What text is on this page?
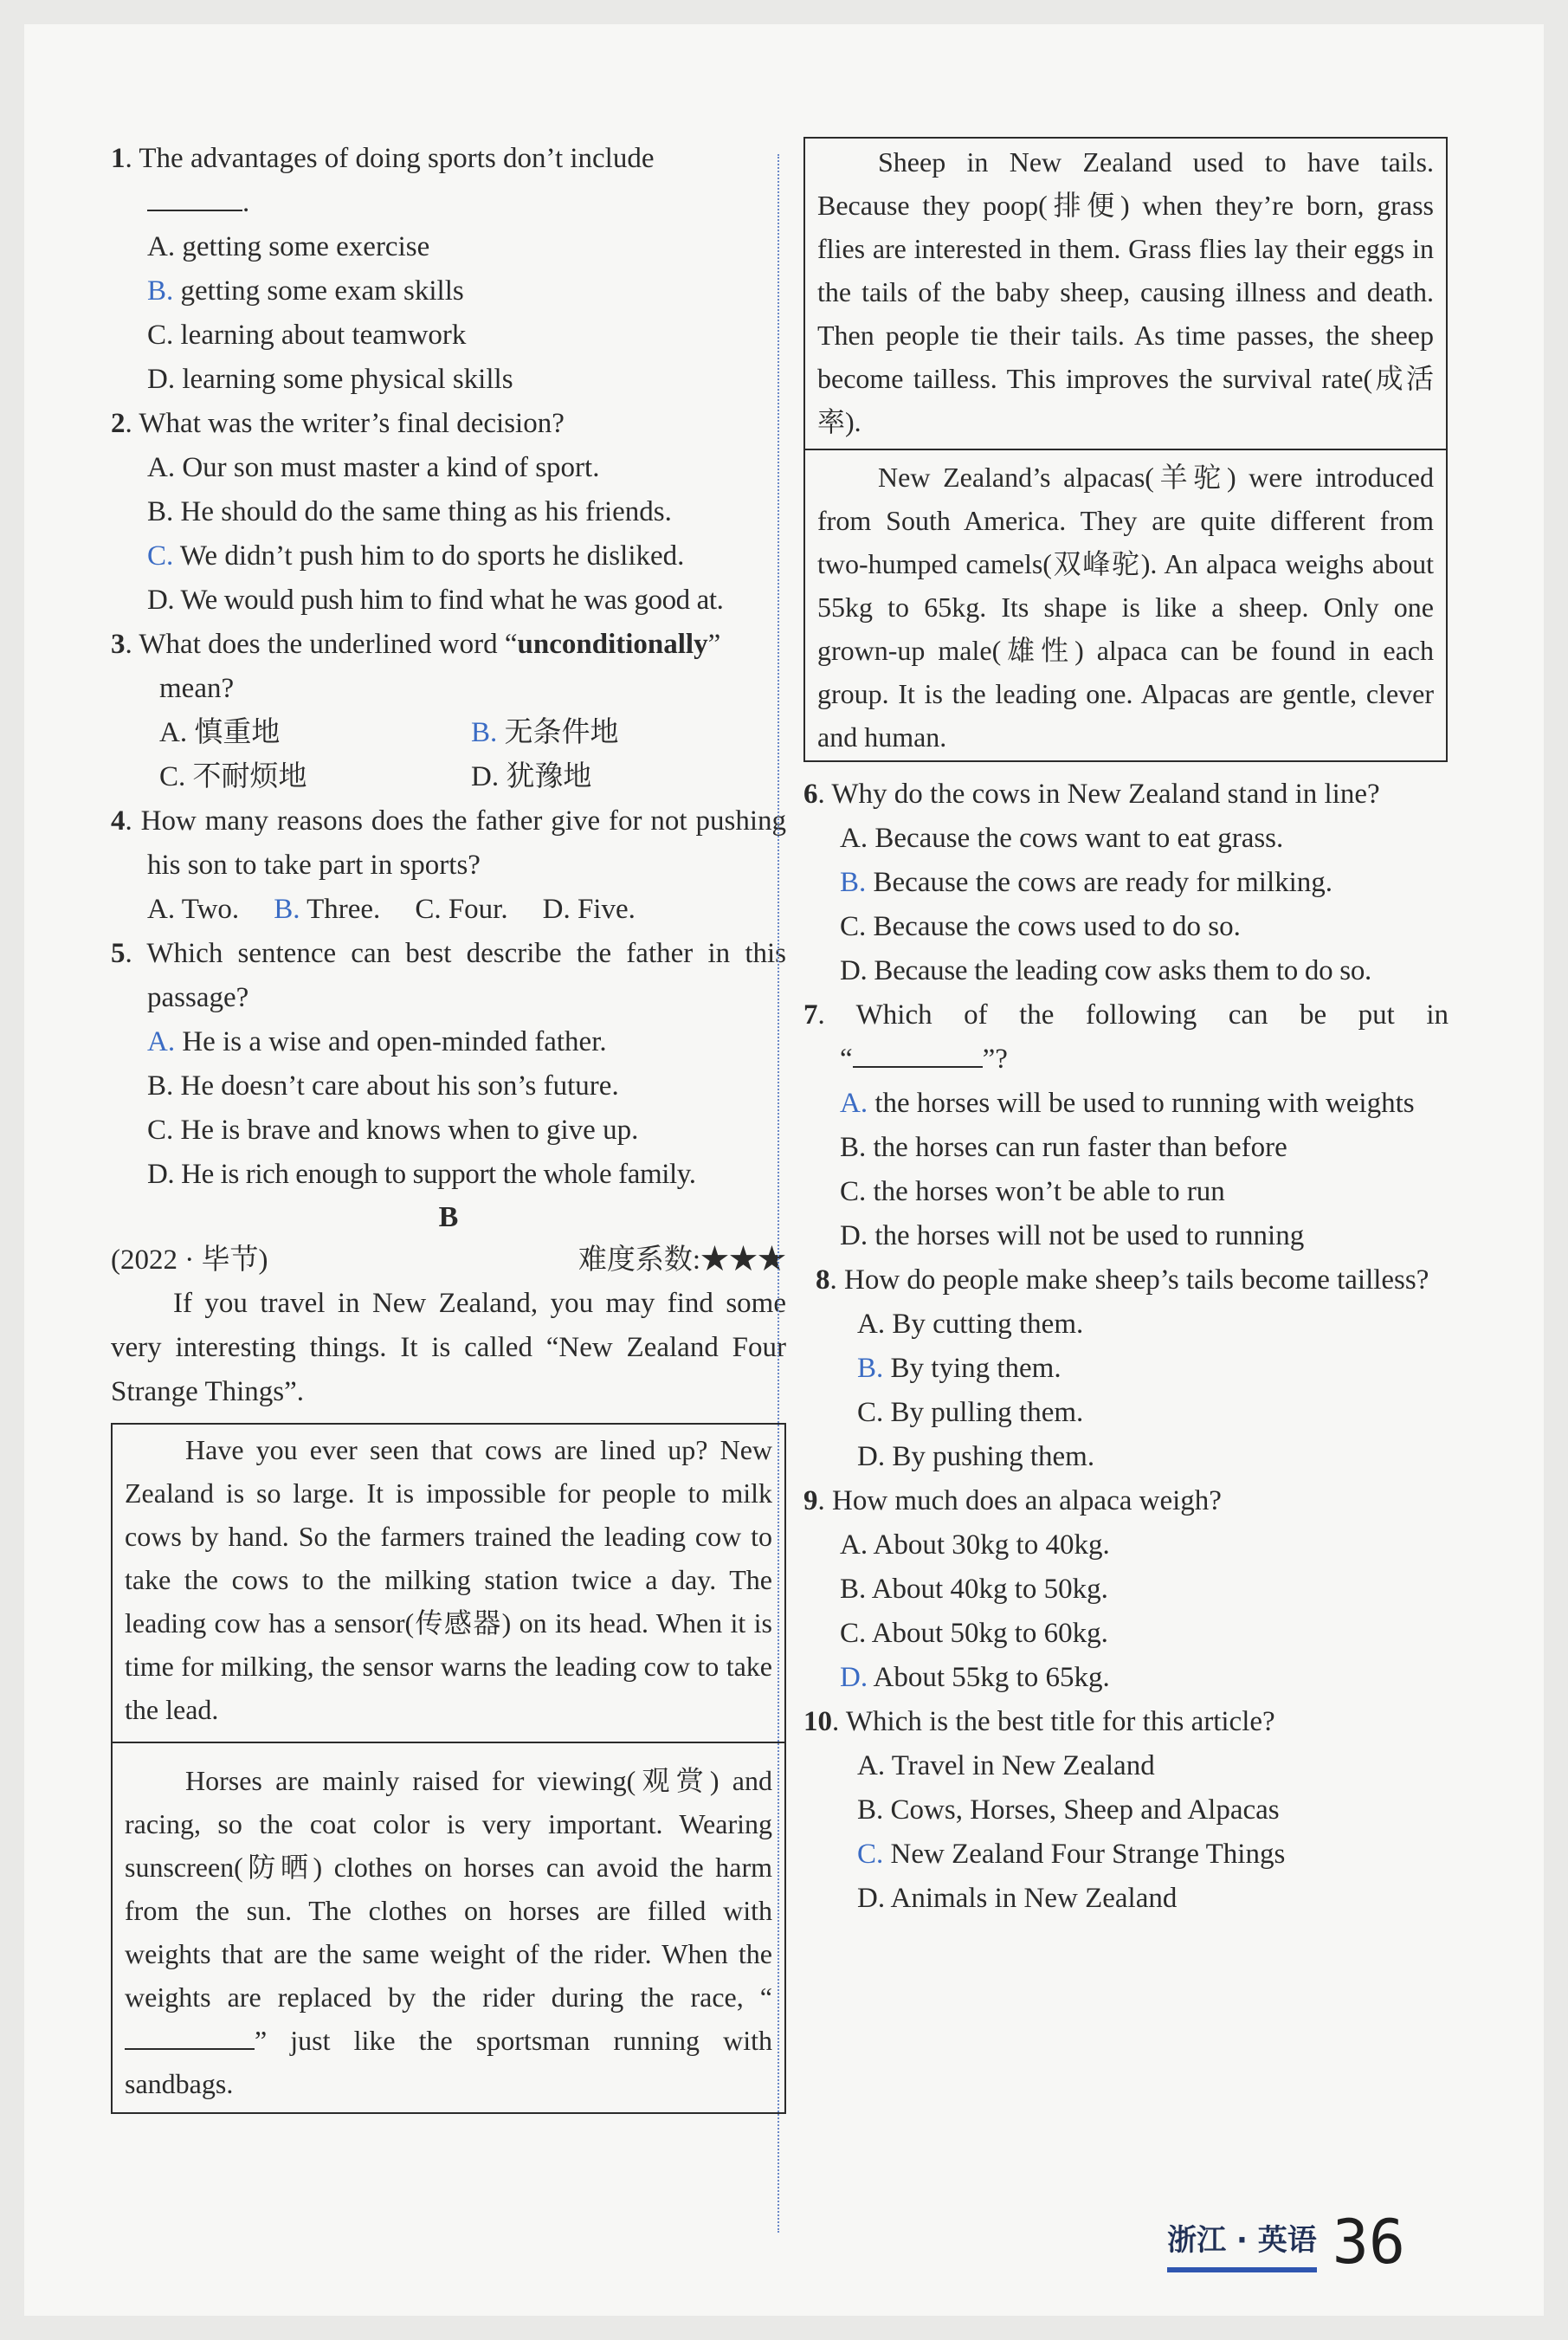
1. The advantages of doing sports don’t include
.
A. getting some exercise
B. getting some exam skills
C. learning about teamwork
D. learning some physical skills
2. What was the writer’s final decision?
A. Our son must master a kind of sport.
B. He should do the same thing as his friends.
C. We didn’t push him to do sports he disliked.
D. We would push him to find what he was good at.
3. What does the underlined word “unconditionally”
mean?
A. 慎重地	B. 无条件地
C. 不耐烦地	D. 犹豫地
4. How many reasons does the father give for not pushing his son to take part in sports?
A. Two. B. Three. C. Four. D. Five.
5. Which sentence can best describe the father in this passage?
A. He is a wise and open-minded father.
B. He doesn’t care about his son’s future.
C. He is brave and knows when to give up.
D. He is rich enough to support the whole family.
B
(2022 · 毕节)	难度系数:★★★

If you travel in New Zealand, you may find some very interesting things. It is called “New Zealand Four Strange Things”.

Have you ever seen that cows are lined up? New Zealand is so large. It is impossible for people to milk cows by hand. So the farmers trained the leading cow to take the cows to the milking station twice a day. The leading cow has a sensor(传感器) on its head. When it is time for milking, the sensor warns the leading cow to take the lead.

Horses are mainly raised for viewing(观赏) and racing, so the coat color is very important. Wearing sunscreen(防晒) clothes on horses can avoid the harm from the sun. The clothes on horses are filled with weights that are the same weight of the rider. When the weights are replaced by the rider during the race, “” just like the sportsman running with sandbags.

Sheep in New Zealand used to have tails. Because they poop(排便) when they’re born, grass flies are interested in them. Grass flies lay their eggs in the tails of the baby sheep, causing illness and death. Then people tie their tails. As time passes, the sheep become tailless. This improves the survival rate(成活率).

New Zealand’s alpacas(羊驼) were introduced from South America. They are quite different from two-humped camels(双峰驼). An alpaca weighs about 55kg to 65kg. Its shape is like a sheep. Only one grown-up male(雄性) alpaca can be found in each group. It is the leading one. Alpacas are gentle, clever and human.

6. Why do the cows in New Zealand stand in line?
A. Because the cows want to eat grass.
B. Because the cows are ready for milking.
C. Because the cows used to do so.
D. Because the leading cow asks them to do so.
7. Which of the following can be put in
“	”?
A. the horses will be used to running with weights
B. the horses can run faster than before
C. the horses won’t be able to run
D. the horses will not be used to running
8. How do people make sheep’s tails become tailless?
A. By cutting them.
B. By tying them.
C. By pulling them.
D. By pushing them.
9. How much does an alpaca weigh?
A. About 30kg to 40kg.
B. About 40kg to 50kg.
C. About 50kg to 60kg.
D. About 55kg to 65kg.
10. Which is the best title for this article?
A. Travel in New Zealand
B. Cows, Horses, Sheep and Alpacas
C. New Zealand Four Strange Things
D. Animals in New Zealand
浙江 · 英语 36
